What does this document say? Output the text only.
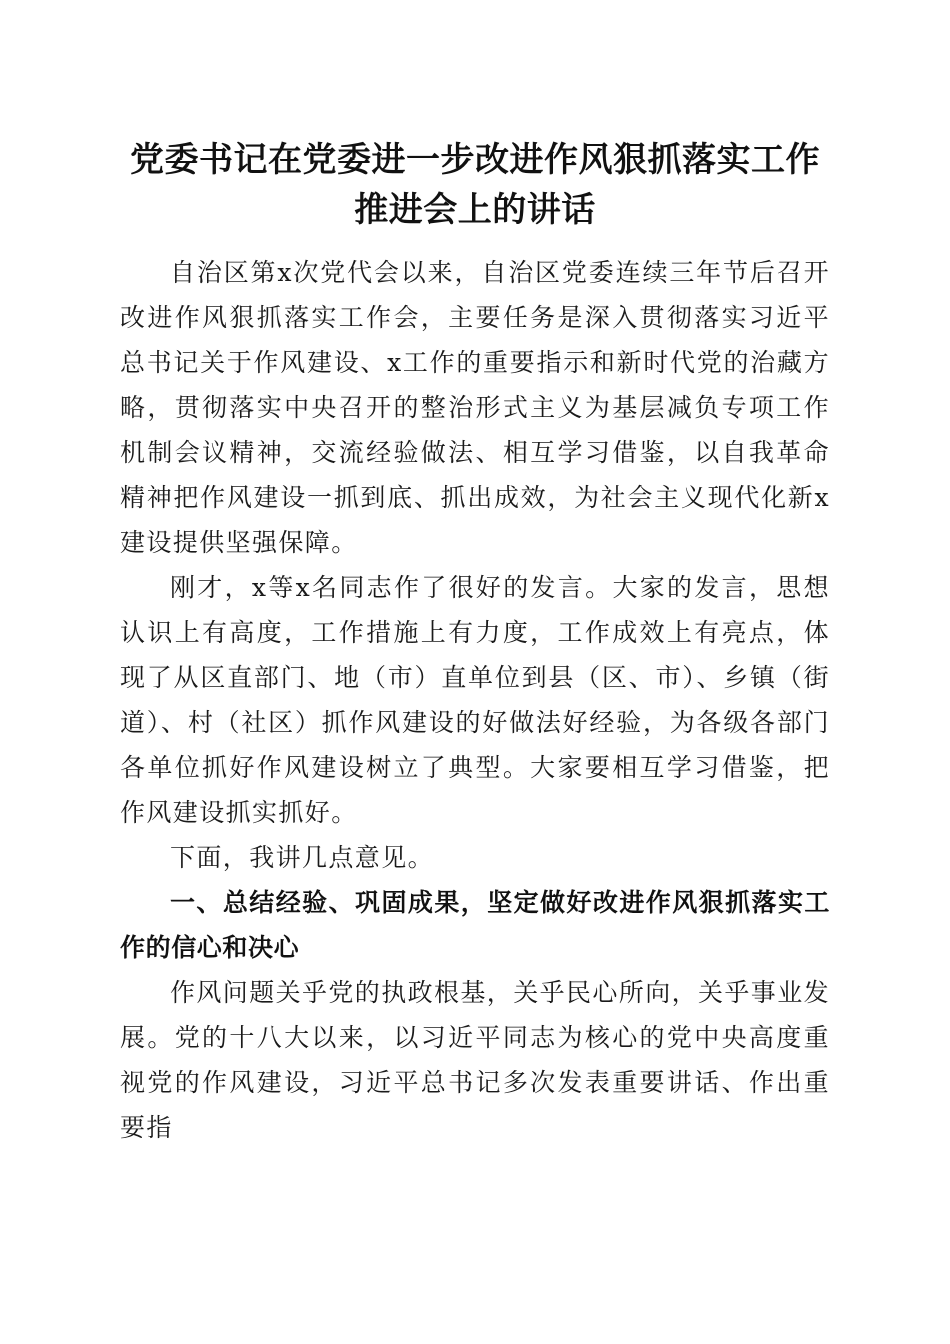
党委书记在党委进一步改进作风狠抓落实工作
推进会上的讲话

自治区第x次党代会以来，自治区党委连续三年节后召开改进作风狠抓落实工作会，主要任务是深入贯彻落实习近平总书记关于作风建设、x工作的重要指示和新时代党的治藏方略，贯彻落实中央召开的整治形式主义为基层减负专项工作机制会议精神，交流经验做法、相互学习借鉴，以自我革命精神把作风建设一抓到底、抓出成效，为社会主义现代化新x建设提供坚强保障。

刚才，x等x名同志作了很好的发言。大家的发言，思想认识上有高度，工作措施上有力度，工作成效上有亮点，体现了从区直部门、地（市）直单位到县（区、市）、乡镇（街道）、村（社区）抓作风建设的好做法好经验，为各级各部门各单位抓好作风建设树立了典型。大家要相互学习借鉴，把作风建设抓实抓好。

下面，我讲几点意见。

一、总结经验、巩固成果，坚定做好改进作风狠抓落实工作的信心和决心

作风问题关乎党的执政根基，关乎民心所向，关乎事业发展。党的十八大以来，以习近平同志为核心的党中央高度重视党的作风建设，习近平总书记多次发表重要讲话、作出重要指
